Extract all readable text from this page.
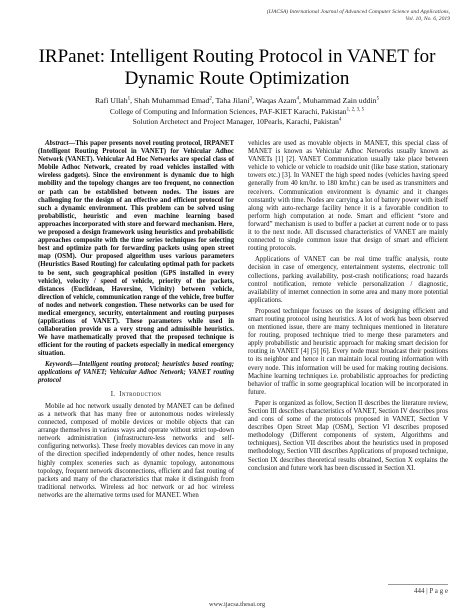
(IJACSA) International Journal of Advanced Computer Science and Applications,
Vol. 10, No. 6, 2019
IRPanet: Intelligent Routing Protocol in VANET for Dynamic Route Optimization
Rafi Ullah$^1$, Shah Muhammad Emad$^2$, Taha Jilani$^3$, Waqas Azam$^4$, Muhammad Zain uddin$^5$
College of Computing and Information Sciences, PAF-KIET Karachi, Pakistan$^{1, 2, 3, 5}$
Solution Archetect and Project Manager, 10Pearls, Karachi, Pakistan$^4$

Abstract—This paper presents novel routing protocol, IRPANET (Intelligent Routing Protocol in VANET) for Vehicular Adhoc Network (VANET). Vehicular Ad Hoc Networks are special class of Mobile Adhoc Network, created by road vehicles installed with wireless gadgets). Since the environment is dynamic due to high mobility and the topology changes are too frequent, no connection or path can be established between nodes. The issues are challenging for the design of an effective and efficient protocol for such a dynamic environment. This problem can be solved using probabilistic, heuristic and even machine learning based approaches incorporated with store and forward mechanism. Here, we proposed a design framework using heuristics and probabilistic approaches composite with the time series techniques for selecting best and optimize path for forwarding packets using open street map (OSM). Our proposed algorithm uses various parameters (Heuristics Based Routing) for calculating optimal path for packets to be sent, such geographical position (GPS installed in every vehicle), velocity / speed of vehicle, priority of the packets, distances (Euclidean, Haversine, Vicinity) between vehicle, direction of vehicle, communication range of the vehicle, free buffer of nodes and network congestion. These networks can be used for medical emergency, security, entertainment and routing purposes (applications of VANET). These parameters while used in collaboration provide us a very strong and admissible heuristics. We have mathematically proved that the proposed technique is efficient for the routing of packets especially in medical emergency situation.

Keywords—Intelligent routing protocol; heuristics based routing; applications of VANET; Vehicular Adhoc Network; VANET routing protocol

I. Introduction

Mobile ad hoc network usually denoted by MANET can be defined as a network that has many free or autonomous nodes wirelessly connected, composed of mobile devices or mobile objects that can arrange themselves in various ways and operate without strict top-down network administration (infrastructure-less networks and self-configuring networks). These freely movables devices can move in any of the direction specified independently of other nodes, hence results highly complex sceneries such as dynamic topology, autonomous topology, frequent network disconnections, efficient and fast routing of packets and many of the characteristics that make it distinguish from traditional networks. Wireless ad hoc network or ad hoc wireless networks are the alternative terms used for MANET. When

vehicles are used as movable objects in MANET, this special class of MANET is known as Vehicular Adhoc Networks usually known as VANETs [1] [2]. VANET Communication usually take place between vehicle to vehicle or vehicle to roadside unit (like base station, stationary towers etc.) [3]. In VANET the high speed nodes (vehicles having speed generally from 40 km/hr. to 180 km/hr.) can be used as transmitters and receivers. Communication environment is dynamic and it changes constantly with time. Nodes are carrying a lot of battery power with itself along with auto-recharge facility hence it is a favorable condition to perform high computation at node. Smart and efficient “store and forward” mechanism is used to buffer a packet at current node or to pass it to the next node. All discussed characteristics of VANET are mainly connected to single common issue that design of smart and efficient routing protocols.

Applications of VANET can be real time traffic analysis, route decision in case of emergency, entertainment systems, electronic toll collections, parking availability, post-crash notifications; road hazards control notification, remote vehicle personalization / diagnostic, availability of internet connection in some area and many more potential applications.

Proposed technique focuses on the issues of designing efficient and smart routing protocol using heuristics. A lot of work has been observed on mentioned issue, there are many techniques mentioned in literature for routing, proposed technique tried to merge these parameters and apply probabilistic and heuristic approach for making smart decision for routing in VANET [4] [5] [6]. Every node must broadcast their positions to its neighbor and hence it can maintain local routing information with every node. This information will be used for making routing decisions. Machine learning techniques i.e. probabilistic approaches for predicting behavior of traffic in some geographical location will be incorporated in future.

Paper is organized as follow, Section II describes the literature review, Section III describes characteristics of VANET, Section IV describes pros and cons of some of the protocols proposed in VANET, Section V describes Open Street Map (OSM), Section VI describes proposed methodology (Different components of system, Algorithms and techniques), Section VII describes about the heuristics used in proposed methodology, Section VIII describes Applications of proposed technique, Section IX describes theoretical results obtained, Section X explains the conclusion and future work has been discussed in Section XI.

444 | P a g e
www.ijacsa.thesai.org
